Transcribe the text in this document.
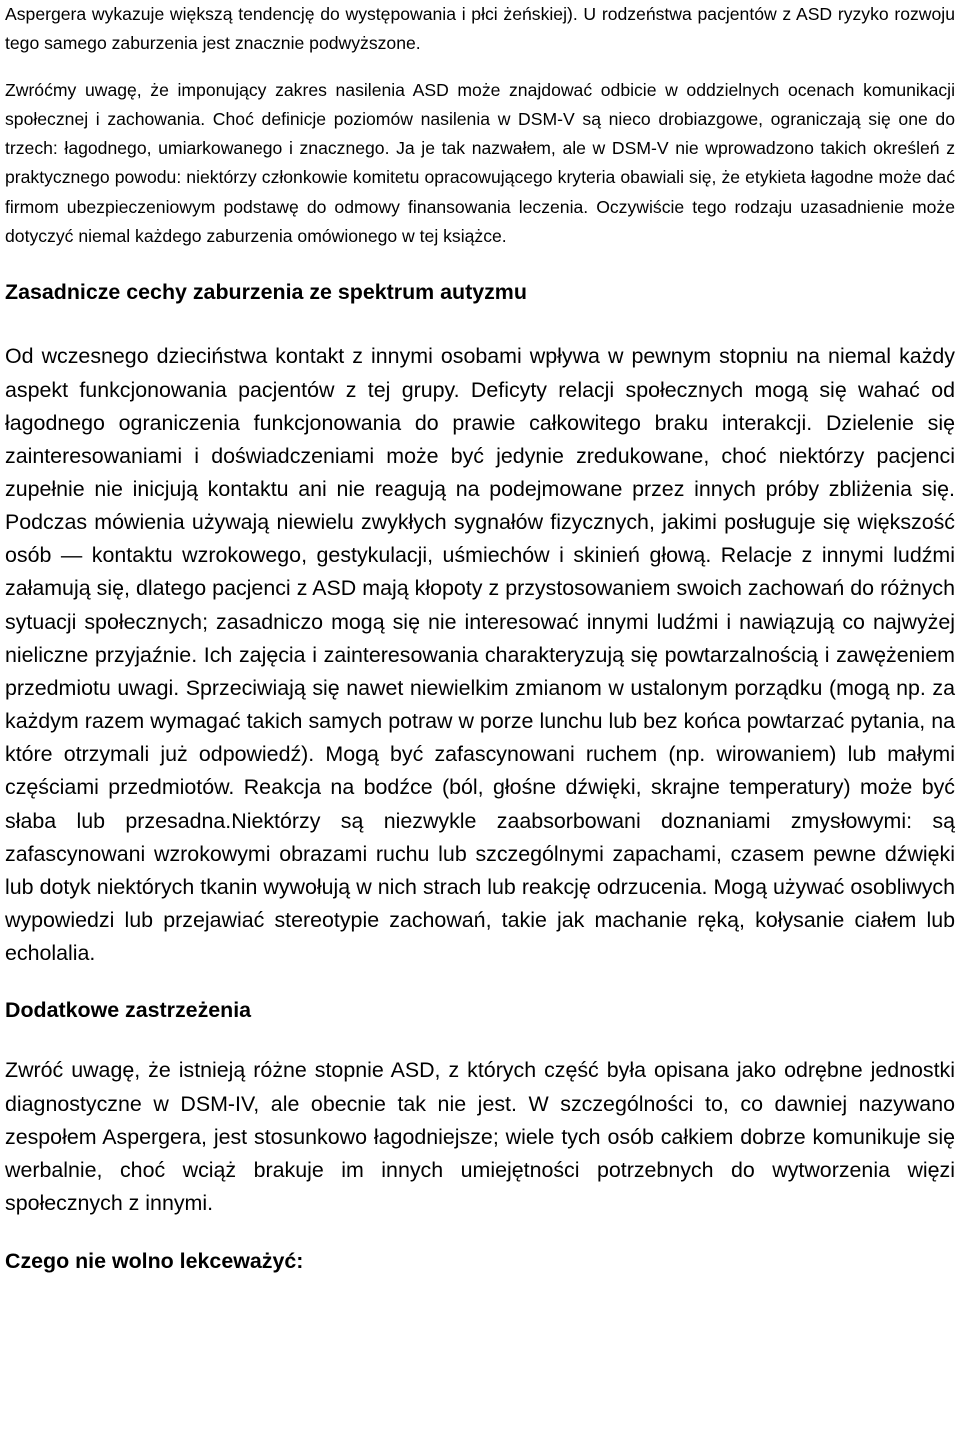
Aspergera wykazuje większą tendencję do występowania i płci żeńskiej). U rodzeństwa pacjentów z ASD ryzyko rozwoju tego samego zaburzenia jest znacznie podwyższone.

Zwróćmy uwagę, że imponujący zakres nasilenia ASD może znajdować odbicie w oddzielnych ocenach komunikacji społecznej i zachowania. Choć definicje poziomów nasilenia w DSM-V są nieco drobiazgowe, ograniczają się one do trzech: łagodnego, umiarkowanego i znacznego. Ja je tak nazwałem, ale w DSM-V nie wprowadzono takich określeń z praktycznego powodu: niektórzy członkowie komitetu opracowującego kryteria obawiali się, że etykieta łagodne może dać firmom ubezpieczeniowym podstawę do odmowy finansowania leczenia. Oczywiście tego rodzaju uzasadnienie może dotyczyć niemal każdego zaburzenia omówionego w tej książce.

Zasadnicze cechy zaburzenia ze spektrum autyzmu

Od wczesnego dzieciństwa kontakt z innymi osobami wpływa w pewnym stopniu na niemal każdy aspekt funkcjonowania pacjentów z tej grupy. Deficyty relacji społecznych mogą się wahać od łagodnego ograniczenia funkcjonowania do prawie całkowitego braku interakcji. Dzielenie się zainteresowaniami i doświadczeniami może być jedynie zredukowane, choć niektórzy pacjenci zupełnie nie inicjują kontaktu ani nie reagują na podejmowane przez innych próby zbliżenia się. Podczas mówienia używają niewielu zwykłych sygnałów fizycznych, jakimi posługuje się większość osób — kontaktu wzrokowego, gestykulacji, uśmiechów i skinień głową. Relacje z innymi ludźmi załamują się, dlatego pacjenci z ASD mają kłopoty z przystosowaniem swoich zachowań do różnych sytuacji społecznych; zasadniczo mogą się nie interesować innymi ludźmi i nawiązują co najwyżej nieliczne przyjaźnie. Ich zajęcia i zainteresowania charakteryzują się powtarzalnością i zawężeniem przedmiotu uwagi. Sprzeciwiają się nawet niewielkim zmianom w ustalonym porządku (mogą np. za każdym razem wymagać takich samych potraw w porze lunchu lub bez końca powtarzać pytania, na które otrzymali już odpowiedź). Mogą być zafascynowani ruchem (np. wirowaniem) lub małymi częściami przedmiotów. Reakcja na bodźce (ból, głośne dźwięki, skrajne temperatury) może być słaba lub przesadna.Niektórzy są niezwykle zaabsorbowani doznaniami zmysłowymi: są zafascynowani wzrokowymi obrazami ruchu lub szczególnymi zapachami, czasem pewne dźwięki lub dotyk niektórych tkanin wywołują w nich strach lub reakcję odrzucenia. Mogą używać osobliwych wypowiedzi lub przejawiać stereotypie zachowań, takie jak machanie ręką, kołysanie ciałem lub echolalia.

Dodatkowe zastrzeżenia

Zwróć uwagę, że istnieją różne stopnie ASD, z których część była opisana jako odrębne jednostki diagnostyczne w DSM-IV, ale obecnie tak nie jest. W szczególności to, co dawniej nazywano zespołem Aspergera, jest stosunkowo łagodniejsze; wiele tych osób całkiem dobrze komunikuje się werbalnie, choć wciąż brakuje im innych umiejętności potrzebnych do wytworzenia więzi społecznych z innymi.

Czego nie wolno lekceważyć:
